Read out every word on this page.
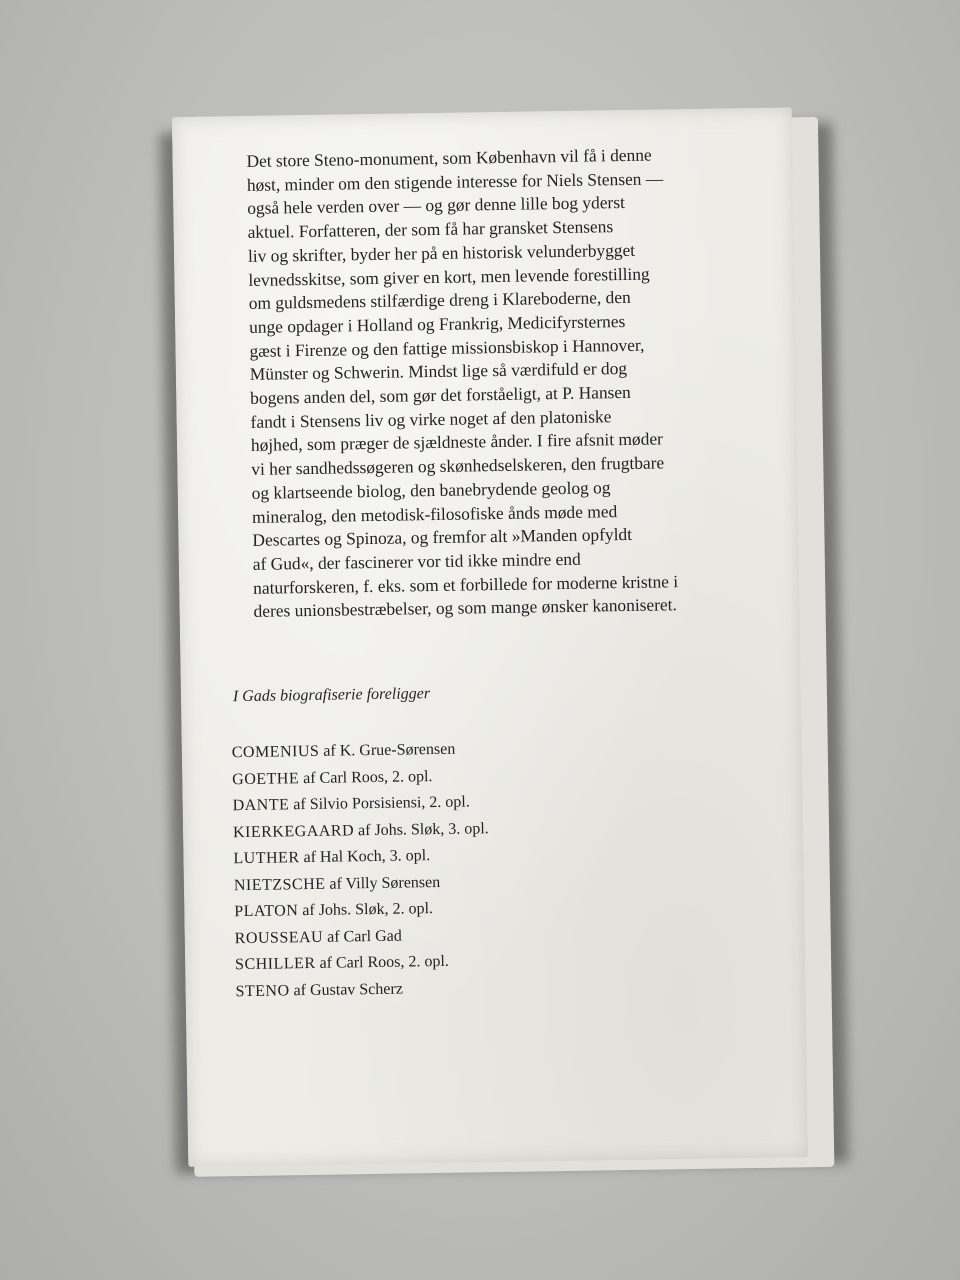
Det store Steno-monument, som København vil få i denne
høst, minder om den stigende interesse for Niels Stensen —
også hele verden over — og gør denne lille bog yderst
aktuel. Forfatteren, der som få har gransket Stensens
liv og skrifter, byder her på en historisk velunderbygget
levnedsskitse, som giver en kort, men levende forestilling
om guldsmedens stilfærdige dreng i Klareboderne, den
unge opdager i Holland og Frankrig, Medicifyrsternes
gæst i Firenze og den fattige missionsbiskop i Hannover,
Münster og Schwerin. Mindst lige så værdifuld er dog
bogens anden del, som gør det forståeligt, at P. Hansen
fandt i Stensens liv og virke noget af den platoniske
højhed, som præger de sjældneste ånder. I fire afsnit møder
vi her sandhedssøgeren og skønhedselskeren, den frugtbare
og klartseende biolog, den banebrydende geolog og
mineralog, den metodisk-filosofiske ånds møde med
Descartes og Spinoza, og fremfor alt »Manden opfyldt
af Gud«, der fascinerer vor tid ikke mindre end
naturforskeren, f. eks. som et forbillede for moderne kristne i
deres unionsbestræbelser, og som mange ønsker kanoniseret.

I Gads biografiserie foreligger
COMENIUS af K. Grue-Sørensen
GOETHE af Carl Roos, 2. opl.
DANTE af Silvio Porsisiensi, 2. opl.
KIERKEGAARD af Johs. Sløk, 3. opl.
LUTHER af Hal Koch, 3. opl.
NIETZSCHE af Villy Sørensen
PLATON af Johs. Sløk, 2. opl.
ROUSSEAU af Carl Gad
SCHILLER af Carl Roos, 2. opl.
STENO af Gustav Scherz
